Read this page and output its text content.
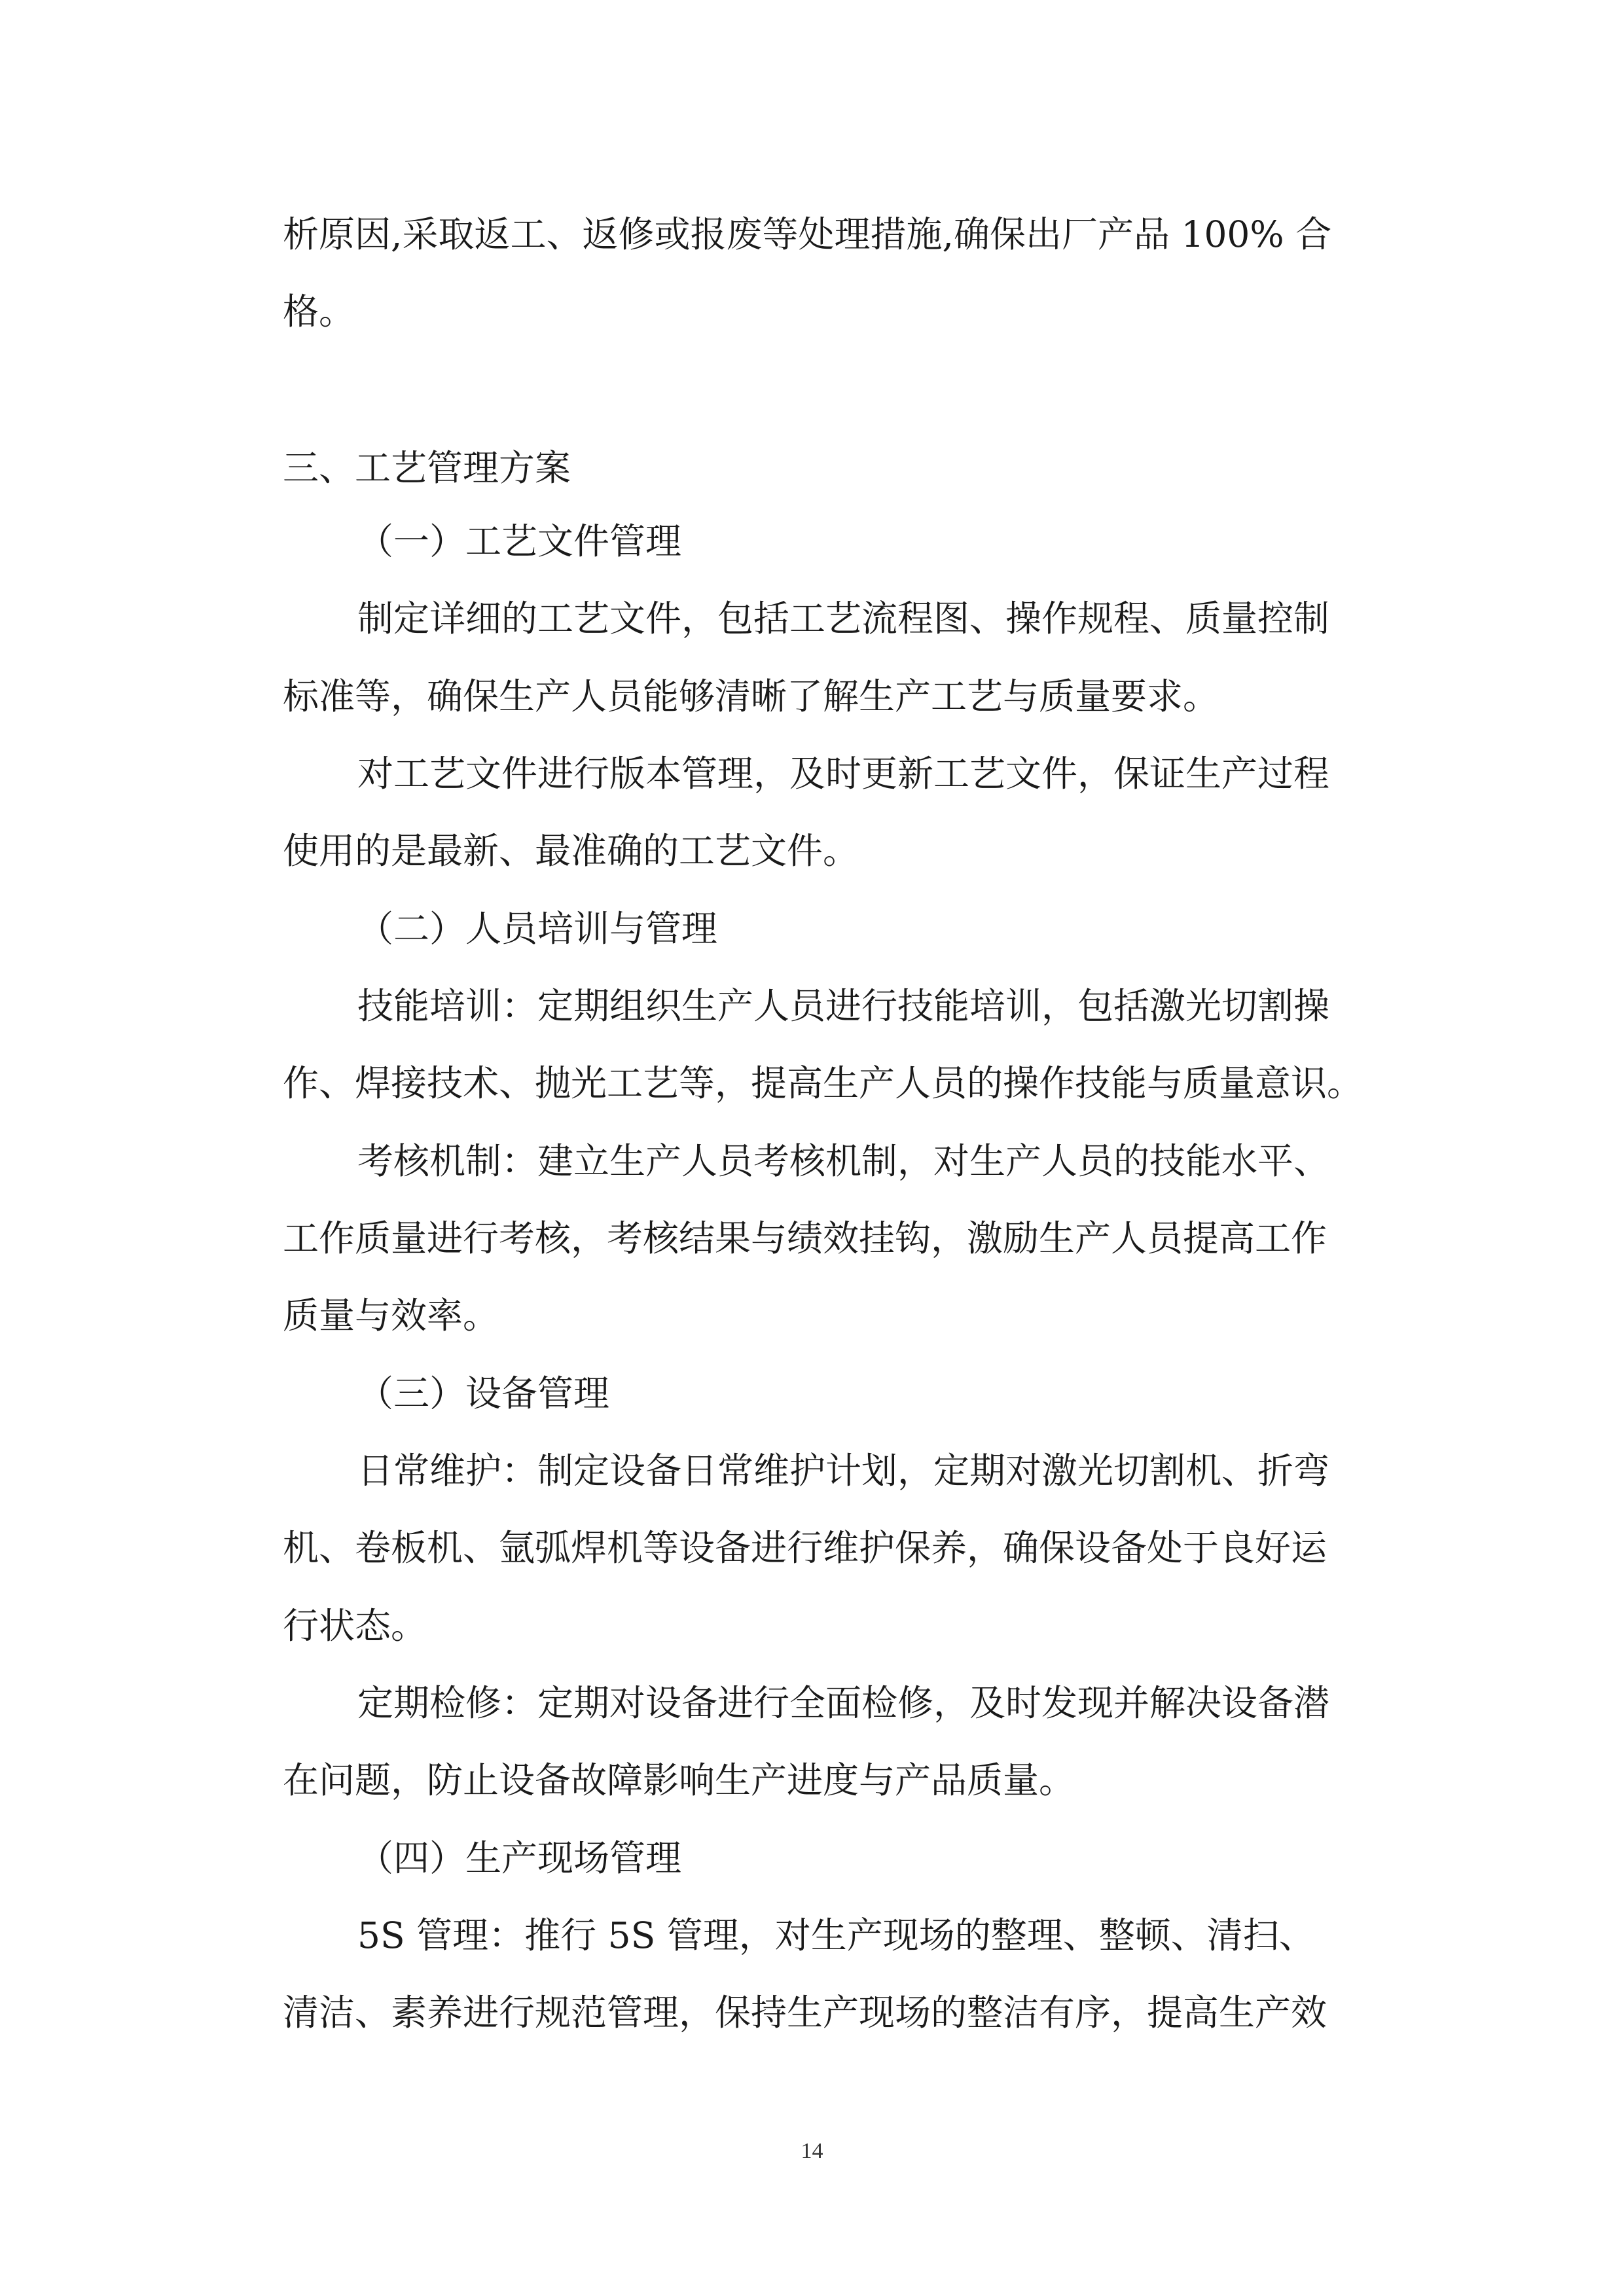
析原因,采取返工、返修或报废等处理措施,确保出厂产品 100% 合
格。
三、工艺管理方案
（一）工艺文件管理
制定详细的工艺文件，包括工艺流程图、操作规程、质量控制
标准等，确保生产人员能够清晰了解生产工艺与质量要求。
对工艺文件进行版本管理，及时更新工艺文件，保证生产过程
使用的是最新、最准确的工艺文件。
（二）人员培训与管理
技能培训：定期组织生产人员进行技能培训，包括激光切割操
作、焊接技术、抛光工艺等，提高生产人员的操作技能与质量意识。
考核机制：建立生产人员考核机制，对生产人员的技能水平、
工作质量进行考核，考核结果与绩效挂钩，激励生产人员提高工作
质量与效率。
（三）设备管理
日常维护：制定设备日常维护计划，定期对激光切割机、折弯
机、卷板机、氩弧焊机等设备进行维护保养，确保设备处于良好运
行状态。
定期检修：定期对设备进行全面检修，及时发现并解决设备潜
在问题，防止设备故障影响生产进度与产品质量。
（四）生产现场管理
5S 管理：推行 5S 管理，对生产现场的整理、整顿、清扫、
清洁、素养进行规范管理，保持生产现场的整洁有序，提高生产效
14
